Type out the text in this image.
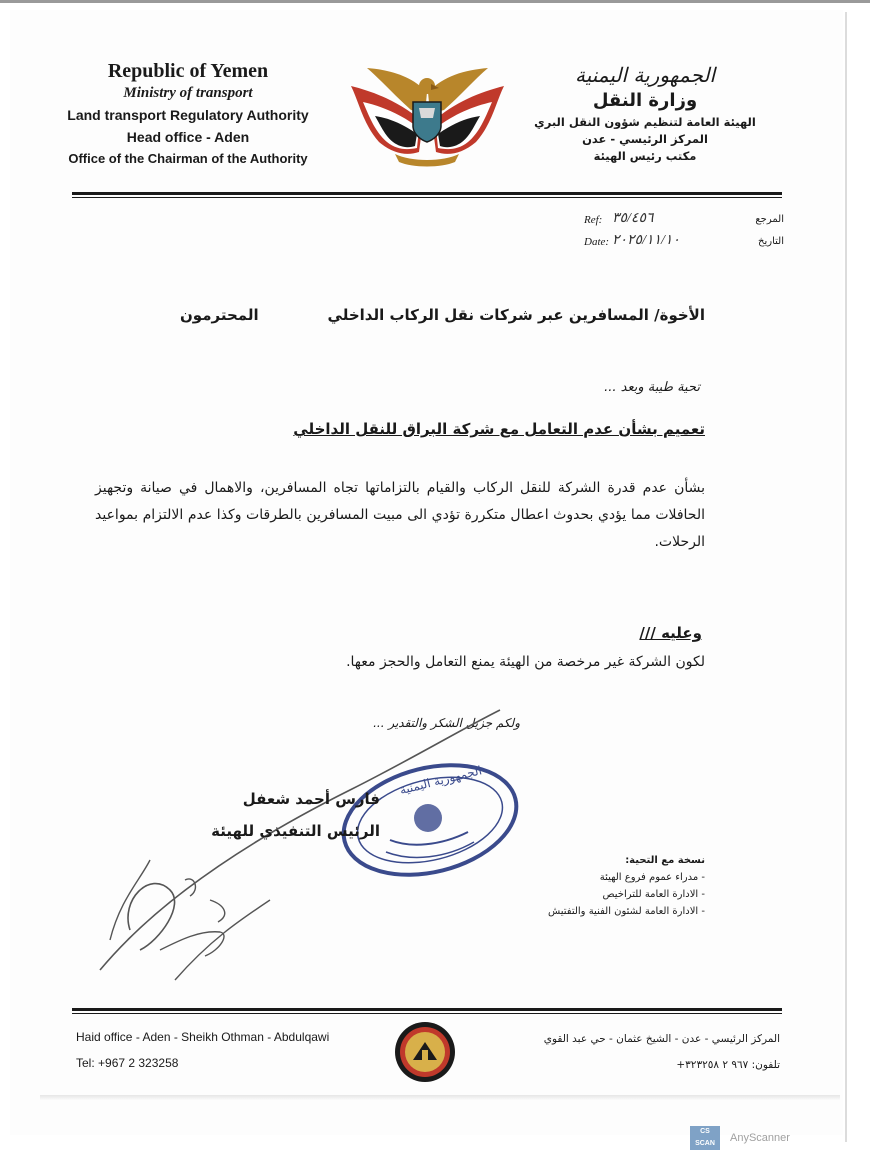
Republic of Yemen
Ministry of transport
Land transport Regulatory Authority
Head office - Aden
Office of the Chairman of the Authority
الجمهورية اليمنية
وزارة النقل
الهيئة العامة لتنظيم شؤون النقل البري
المركز الرئيسي - عدن
مكتب رئيس الهيئة
Ref: ٣٥/٤٥٦	المرجع
Date: ٢٠٢٥/١١/١٠	التاريخ
الأخوة/ المسافرين عبر شركات نقل الركاب الداخلي
المحترمون
تحية طيبة وبعد ...
تعميم بشأن عدم التعامل مع شركة البراق للنقل الداخلي
بشأن عدم قدرة الشركة للنقل الركاب والقيام بالتزاماتها تجاه المسافرين، والاهمال في صيانة وتجهيز الحافلات مما يؤدي بحدوث اعطال متكررة تؤدي الى مبيت المسافرين بالطرقات وكذا عدم الالتزام بمواعيد الرحلات.
وعليه ///
لكون الشركة غير مرخصة من الهيئة يمنع التعامل والحجز معها.
ولكم جزيل الشكر والتقدير ...
الجمهورية اليمنية
فارس أحمد شعفل
الرئيس التنفيذي للهيئة
نسخة مع التحية:
- مدراء عموم فروع الهيئة
- الادارة العامة للتراخيص
- الادارة العامة لشئون الفنية والتفتيش
Haid office - Aden - Sheikh Othman - Abdulqawi
Tel: +967 2 323258
المركز الرئيسي - عدن - الشيخ عثمان - حي عبد القوي
تلفون: ٩٦٧ ٢ ٣٢٣٢٥٨+
CS SCAN	AnyScanner
